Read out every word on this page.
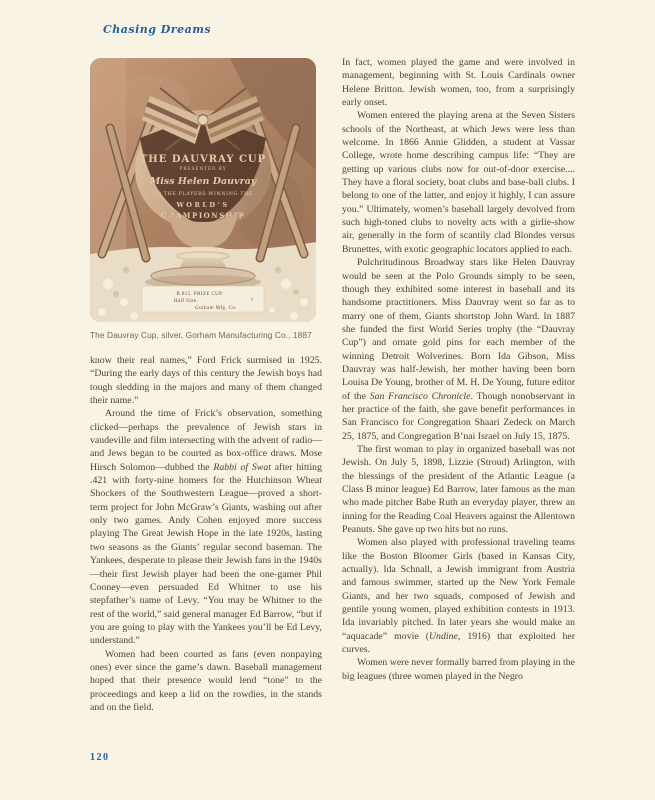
Chasing Dreams
THE DAUVRAY CUP
PRESENTED BY
Miss Helen Dauvray
TO THE PLAYERS WINNING THE
WORLD’S
CHAMPIONSHIP
B 815. PRIZE CUP.
Half Size.	7
Gorham Mfg. Co.
The Dauvray Cup, silver, Gorham Manufacturing Co., 1887

know their real names,” Ford Frick surmised in 1925. “During the early days of this century the Jewish boys had tough sledding in the majors and many of them changed their name.”

Around the time of Frick’s observation, something clicked—perhaps the prevalence of Jewish stars in vaudeville and film intersecting with the advent of radio—and Jews began to be courted as box-office draws. Mose Hirsch Solomon—dubbed the Rabbi of Swat after hitting .421 with forty-nine homers for the Hutchinson Wheat Shockers of the Southwestern League—proved a short-term project for John McGraw’s Giants, washing out after only two games. Andy Cohen enjoyed more success playing The Great Jewish Hope in the late 1920s, lasting two seasons as the Giants’ regular second baseman. The Yankees, desperate to please their Jewish fans in the 1940s—their first Jewish player had been the one-gamer Phil Cooney—even persuaded Ed Whitner to use his stepfather’s name of Levy. “You may be Whitner to the rest of the world,” said general manager Ed Barrow, “but if you are going to play with the Yankees you’ll be Ed Levy, understand.”

Women had been courted as fans (even nonpaying ones) ever since the game’s dawn. Baseball management hoped that their presence would lend “tone” to the proceedings and keep a lid on the rowdies, in the stands and on the field.

In fact, women played the game and were involved in management, beginning with St. Louis Cardinals owner Helene Britton. Jewish women, too, from a surprisingly early onset.

Women entered the playing arena at the Seven Sisters schools of the Northeast, at which Jews were less than welcome. In 1866 Annie Glidden, a student at Vassar College, wrote home describing campus life: “They are getting up various clubs now for out-of-door exercise.... They have a floral society, boat clubs and base-ball clubs. I belong to one of the latter, and enjoy it highly, I can assure you.” Ultimately, women’s baseball largely devolved from such high-toned clubs to novelty acts with a girlie-show air, generally in the form of scantily clad Blondes versus Brunettes, with exotic geographic locators applied to each.

Pulchritudinous Broadway stars like Helen Dauvray would be seen at the Polo Grounds simply to be seen, though they exhibited some interest in baseball and its handsome practitioners. Miss Dauvray went so far as to marry one of them, Giants shortstop John Ward. In 1887 she funded the first World Series trophy (the “Dauvray Cup”) and ornate gold pins for each member of the winning Detroit Wolverines. Born Ida Gibson, Miss Dauvray was half-Jewish, her mother having been born Louisa De Young, brother of M. H. De Young, future editor of the San Francisco Chronicle. Though nonobservant in her practice of the faith, she gave benefit performances in San Francisco for Congregation Shaari Zedeck on March 25, 1875, and Congregation B’nai Israel on July 15, 1875.

The first woman to play in organized baseball was not Jewish. On July 5, 1898, Lizzie (Stroud) Arlington, with the blessings of the president of the Atlantic League (a Class B minor league) Ed Barrow, later famous as the man who made pitcher Babe Ruth an everyday player, threw an inning for the Reading Coal Heavers against the Allentown Peanuts. She gave up two hits but no runs.

Women also played with professional traveling teams like the Boston Bloomer Girls (based in Kansas City, actually). Ida Schnall, a Jewish immigrant from Austria and famous swimmer, started up the New York Female Giants, and her two squads, composed of Jewish and gentile young women, played exhibition contests in 1913. Ida invariably pitched. In later years she would make an “aquacade” movie (Undine, 1916) that exploited her curves.

Women were never formally barred from playing in the big leagues (three women played in the Negro

120
